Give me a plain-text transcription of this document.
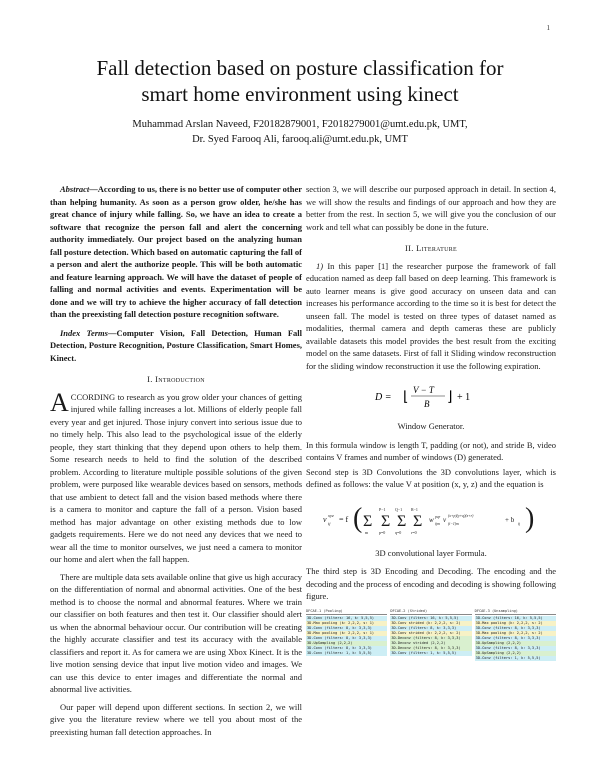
1
Fall detection based on posture classification for
smart home environment using kinect
Muhammad Arslan Naveed, F2018287900​1, F2018279001@umt.edu.pk, UMT,
Dr. Syed Farooq Ali, farooq.ali@umt.edu.pk, UMT

Abstract—According to us, there is no better use of computer other than helping humanity. As soon as a person grow older, he/she has great chance of injury while falling. So, we have an idea to create a software that recognize the person fall and alert the concerning authority immediately. Our project based on the analyzing human fall posture detection. Which based on automatic capturing the fall of a person and alert the authorize people. This will be both automatic and feature learning approach. We will have the dataset of people of falling and normal activities and events. Experimentation will be done and we will try to achieve the higher accuracy of fall detection than the preexisting fall detection posture recognition software.

Index Terms—Computer Vision, Fall Detection, Human Fall Detection, Posture Recognition, Posture Classification, Smart Homes, Kinect.

I. Introduction

ACCORDING to research as you grow older your chances of getting injured while falling increases a lot. Millions of elderly people fall every year and get injured. Those injury convert into serious issue due to no timely help. This also lead to the psychological issue of the elderly people, they start thinking that they depend upon others to help them. Some research needs to held to find the solution of the described problem. According to literature multiple possible solutions of the given problem, were purposed like wearable devices based on sensors, methods that use ambient to detect fall and the vision based methods where there is a camera to monitor and capture the fall of a person. Vision based method has major advantage on other existing methods due to low gadgets requirements. Here we do not need any devices that we need to wear all the time to monitor ourselves, we just need a camera to monitor our home and alert when the fall happen.

There are multiple data sets available online that give us high accuracy on the differentiation of normal and abnormal activities. One of the best method is to choose the normal and abnormal features. Where we train our classifier on both features and then test it. Our classifier should alert us when the abnormal behaviour occur. Our contribution will be creating the highly accurate classifier and test its accuracy with the available classifiers and report it. As for camera we are using Xbox Kinect. It is the live motion sensing device that input live motion video and images. We can use this device to enter images and differentiate the normal and abnormal live activities.

Our paper will depend upon different sections. In section 2, we will give you the literature review where we tell you about most of the preexisting human fall detection approaches. In

section 3, we will describe our purposed approach in detail. In section 4, we will show the results and findings of our approach and how they are better from the rest. In section 5, we will give you the conclusion of our work and tell what can possibly be done in the future.

II. Literature

1) In this paper [1] the researcher purpose the framework of fall education named as deep fall based on deep learning. This framework is auto learner means is give good accuracy on unseen data and can increases his performance according to the time so it is best for detect the unseen fall. The model is tested on three types of dataset named as modalities, thermal camera and depth cameras these are publicly available datasets this model provides the best result from the exciting model on the same datasets. First of fall it Sliding window reconstruction for the sliding window reconstruction it use the following expiration.

D = ⌊ V − T
B ⌋ + 1
Window Generator.

In this formula window is length T, padding (or not), and stride B, video contains V frames and number of windows (D) generated.

Second step is 3D Convolutions the 3D convolutions layer, which is defined as follows: the value V at position (x, y, z) and the equation is

v xyz
ij = f ( Σ
m
Σ
P−1
p=0
Σ
Q−1
q=0
Σ
R−1
r=0
w pqr
ijm v (x+p)(y+q)(z+r)
(i−1)m	+ b ij )
3D convolutional layer Formula.

The third step is 3D Encoding and Decoding. The encoding and the decoding and the process of encoding and decoding is showing following figure.

DFCAE-1 (Pooling)
3D-Conv (filters: 16, k: 5,5,5)
3D-Max pooling (k: 2,2,2, s: 1)
3D-Conv (filters: 8, k: 3,3,3)
3D-Max pooling (k: 2,2,2, s: 1)
3D-Conv (filters: 8, k: 3,3,3)
3D-UpSampling (2,2,2)
3D-Conv (filters: 8, k: 3,3,3)
3D-Conv (filters: 1, k: 5,5,5)
DFCAE-2 (Strided)
3D-Conv (filters: 16, k: 5,5,5)
3D-Conv strided (k: 2,2,2, s: 2)
3D-Conv (filters: 8, k: 3,3,3)
3D-Conv strided (k: 2,2,2, s: 2)
3D-Deconv (filters: 8, k: 3,3,3)
3D-Deconv strided (2,2,2)
3D-Deconv (filters: 8, k: 3,3,3)
3D-Conv (filters: 1, k: 5,5,5)
DFCAE-3 (Unsampling)
3D-Conv (filters: 16, k: 5,5,5)
3D-Max pooling (k: 2,2,2, s: 2)
3D-Conv (filters: 8, k: 3,3,3)
3D-Max pooling (k: 2,2,2, s: 2)
3D-Conv (filters: 8, k: 3,3,3)
3D-UpSampling (2,2,2)
3D-Conv (filters: 8, k: 3,3,3)
3D-UpSampling (2,2,2)
3D-Conv (filters: 1, k: 5,5,5)
